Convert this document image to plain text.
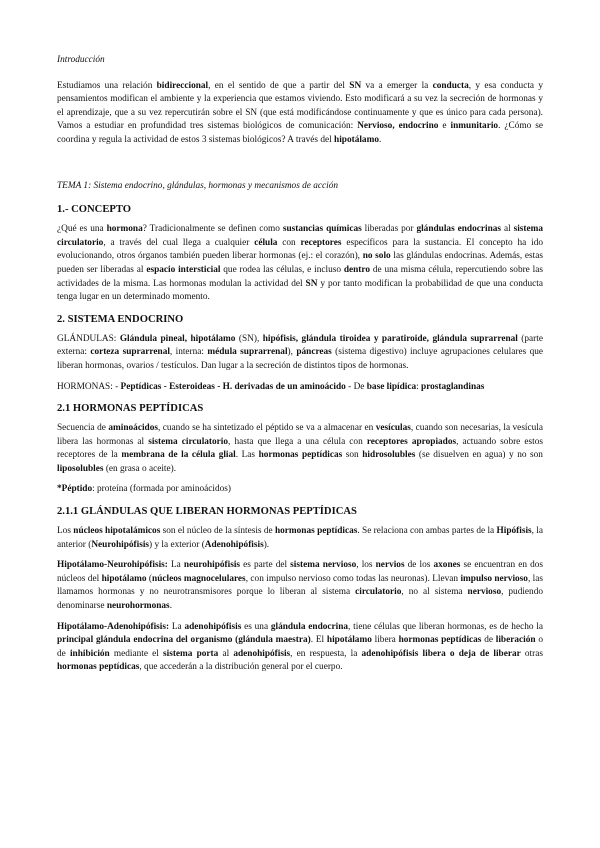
Introducción

Estudiamos una relación bidireccional, en el sentido de que a partir del SN va a emerger la conducta, y esa conducta y pensamientos modifican el ambiente y la experiencia que estamos viviendo. Esto modificará a su vez la secreción de hormonas y el aprendizaje, que a su vez repercutirán sobre el SN (que está modificándose continuamente y que es único para cada persona). Vamos a estudiar en profundidad tres sistemas biológicos de comunicación: Nervioso, endocrino e inmunitario. ¿Cómo se coordina y regula la actividad de estos 3 sistemas biológicos? A través del hipotálamo.

TEMA 1: Sistema endocrino, glándulas, hormonas y mecanismos de acción

1.- CONCEPTO

¿Qué es una hormona? Tradicionalmente se definen como sustancias químicas liberadas por glándulas endocrinas al sistema circulatorio, a través del cual llega a cualquier célula con receptores específicos para la sustancia. El concepto ha ido evolucionando, otros órganos también pueden liberar hormonas (ej.: el corazón), no solo las glándulas endocrinas. Además, estas pueden ser liberadas al espacio intersticial que rodea las células, e incluso dentro de una misma célula, repercutiendo sobre las actividades de la misma. Las hormonas modulan la actividad del SN y por tanto modifican la probabilidad de que una conducta tenga lugar en un determinado momento.

2. SISTEMA ENDOCRINO

GLÁNDULAS: Glándula pineal, hipotálamo (SN), hipófisis, glándula tiroidea y paratiroide, glándula suprarrenal (parte externa: corteza suprarrenal, interna: médula suprarrenal), páncreas (sistema digestivo) incluye agrupaciones celulares que liberan hormonas, ovarios / testículos. Dan lugar a la secreción de distintos tipos de hormonas.

HORMONAS: - Peptídicas - Esteroideas - H. derivadas de un aminoácido - De base lipídica: prostaglandinas

2.1 HORMONAS PEPTÍDICAS

Secuencia de aminoácidos, cuando se ha sintetizado el péptido se va a almacenar en vesículas, cuando son necesarias, la vesícula libera las hormonas al sistema circulatorio, hasta que llega a una célula con receptores apropiados, actuando sobre estos receptores de la membrana de la célula glial. Las hormonas peptídicas son hidrosolubles (se disuelven en agua) y no son liposolubles (en grasa o aceite).

*Péptido: proteína (formada por aminoácidos)

2.1.1 GLÁNDULAS QUE LIBERAN HORMONAS PEPTÍDICAS

Los núcleos hipotalámicos son el núcleo de la síntesis de hormonas peptídicas. Se relaciona con ambas partes de la Hipófisis, la anterior (Neurohipófisis) y la exterior (Adenohipófisis).

Hipotálamo-Neurohipófisis: La neurohipófisis es parte del sistema nervioso, los nervios de los axones se encuentran en dos núcleos del hipotálamo (núcleos magnocelulares, con impulso nervioso como todas las neuronas). Llevan impulso nervioso, las llamamos hormonas y no neurotransmisores porque lo liberan al sistema circulatorio, no al sistema nervioso, pudiendo denominarse neurohormonas.

Hipotálamo-Adenohipófisis: La adenohipófisis es una glándula endocrina, tiene células que liberan hormonas, es de hecho la principal glándula endocrina del organismo (glándula maestra). El hipotálamo libera hormonas peptídicas de liberación o de inhibición mediante el sistema porta al adenohipófisis, en respuesta, la adenohipófisis libera o deja de liberar otras hormonas peptídicas, que accederán a la distribución general por el cuerpo.
